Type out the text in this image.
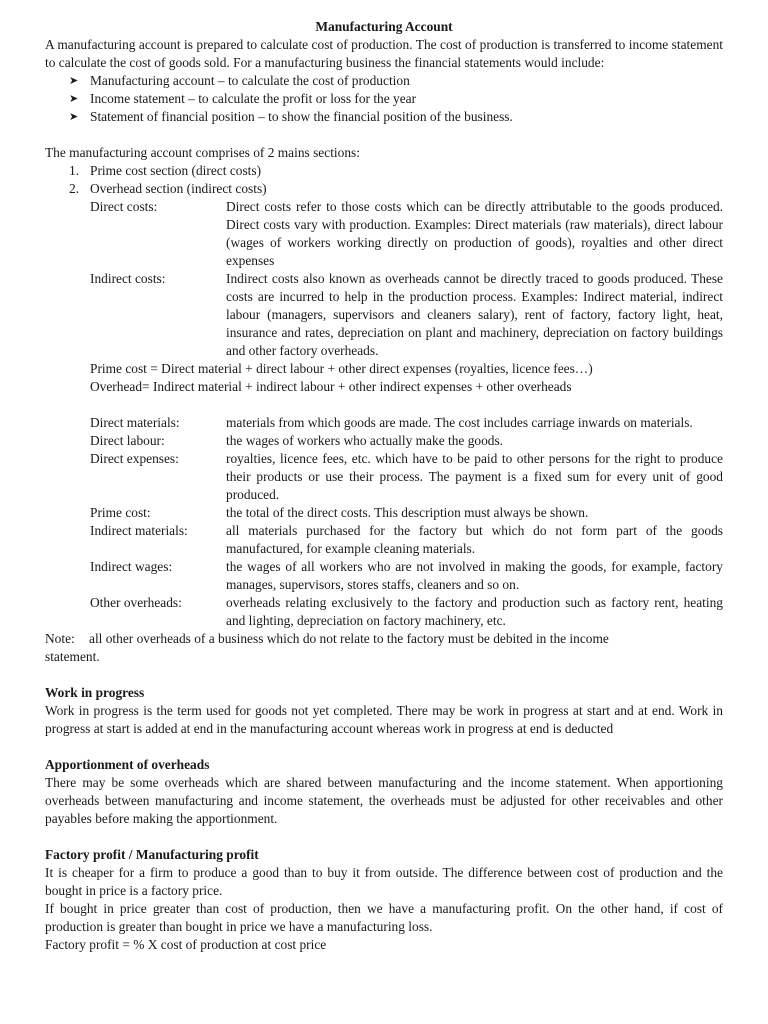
Manufacturing Account

A manufacturing account is prepared to calculate cost of production. The cost of production is transferred to income statement to calculate the cost of goods sold. For a manufacturing business the financial statements would include:

➤ Manufacturing account – to calculate the cost of production
➤ Income statement – to calculate the profit or loss for the year
➤ Statement of financial position – to show the financial position of the business.

The manufacturing account comprises of 2 mains sections:

1. Prime cost section (direct costs)
2. Overhead section (indirect costs)
Direct costs:	Direct costs refer to those costs which can be directly attributable to the goods produced. Direct costs vary with production. Examples: Direct materials (raw materials), direct labour (wages of workers working directly on production of goods), royalties and other direct expenses
Indirect costs:	Indirect costs also known as overheads cannot be directly traced to goods produced. These costs are incurred to help in the production process. Examples: Indirect material, indirect labour (managers, supervisors and cleaners salary), rent of factory, factory light, heat, insurance and rates, depreciation on plant and machinery, depreciation on factory buildings and other factory overheads.

Prime cost = Direct material + direct labour + other direct expenses (royalties, licence fees…)

Overhead= Indirect material + indirect labour + other indirect expenses + other overheads

Direct materials:	materials from which goods are made. The cost includes carriage inwards on materials.
Direct labour:	the wages of workers who actually make the goods.
Direct expenses:	royalties, licence fees, etc. which have to be paid to other persons for the right to produce their products or use their process. The payment is a fixed sum for every unit of good produced.
Prime cost:	the total of the direct costs. This description must always be shown.
Indirect materials:	all materials purchased for the factory but which do not form part of the goods manufactured, for example cleaning materials.
Indirect wages:	the wages of all workers who are not involved in making the goods, for example, factory manages, supervisors, stores staffs, cleaners and so on.
Other overheads:	overheads relating exclusively to the factory and production such as factory rent, heating and lighting, depreciation on factory machinery, etc.
Note:	all other overheads of a business which do not relate to the factory must be debited in the income

statement.

Work in progress

Work in progress is the term used for goods not yet completed. There may be work in progress at start and at end. Work in progress at start is added at end in the manufacturing account whereas work in progress at end is deducted

Apportionment of overheads

There may be some overheads which are shared between manufacturing and the income statement. When apportioning overheads between manufacturing and income statement, the overheads must be adjusted for other receivables and other payables before making the apportionment.

Factory profit / Manufacturing profit

It is cheaper for a firm to produce a good than to buy it from outside. The difference between cost of production and the bought in price is a factory price.

If bought in price greater than cost of production, then we have a manufacturing profit. On the other hand, if cost of production is greater than bought in price we have a manufacturing loss.

Factory profit = % X cost of production at cost price
